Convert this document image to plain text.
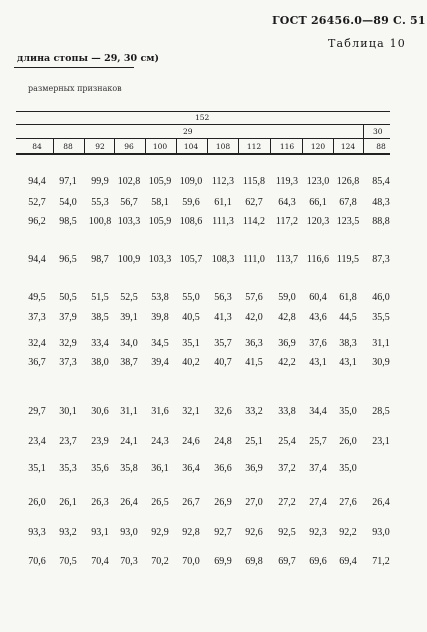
ГОСТ 26456.0—89 С. 51
Таблица 10
длина стопы — 29, 30 см)
размерных признаков
152
29	30
84	88	92	96	100	104	108	112	116	120	124	88
94,4	97,1	99,9 102,8 105,9 109,0 112,3 115,8	119,3 123,0 126,8	85,4
52,7	54,0	55,3	56,7	58,1	59,6	61,1	62,7	64,3	66,1	67,8	48,3
96,2	98,5	100,8 103,3 105,9 108,6 111,3 114,2	117,2 120,3 123,5	88,8
94,4	96,5	98,7 100,9 103,3 105,7 108,3 111,0	113,7 116,6 119,5	87,3
49,5	50,5	51,5	52,5	53,8	55,0	56,3	57,6	59,0	60,4	61,8	46,0
37,3	37,9	38,5	39,1	39,8	40,5	41,3	42,0	42,8	43,6	44,5	35,5
32,4	32,9	33,4	34,0	34,5	35,1	35,7	36,3	36,9	37,6	38,3	31,1
36,7	37,3	38,0	38,7	39,4	40,2	40,7	41,5	42,2	43,1	43,1	30,9
29,7	30,1	30,6	31,1	31,6	32,1	32,6	33,2	33,8	34,4	35,0	28,5
23,4	23,7	23,9	24,1	24,3	24,6	24,8	25,1	25,4	25,7	26,0	23,1
35,1	35,3	35,6	35,8	36,1	36,4	36,6	36,9	37,2	37,4	35,0
26,0	26,1	26,3	26,4	26,5	26,7	26,9	27,0	27,2	27,4	27,6	26,4
93,3	93,2	93,1	93,0	92,9	92,8	92,7	92,6	92,5	92,3	92,2	93,0
70,6	70,5	70,4	70,3	70,2	70,0	69,9	69,8	69,7	69,6	69,4	71,2
